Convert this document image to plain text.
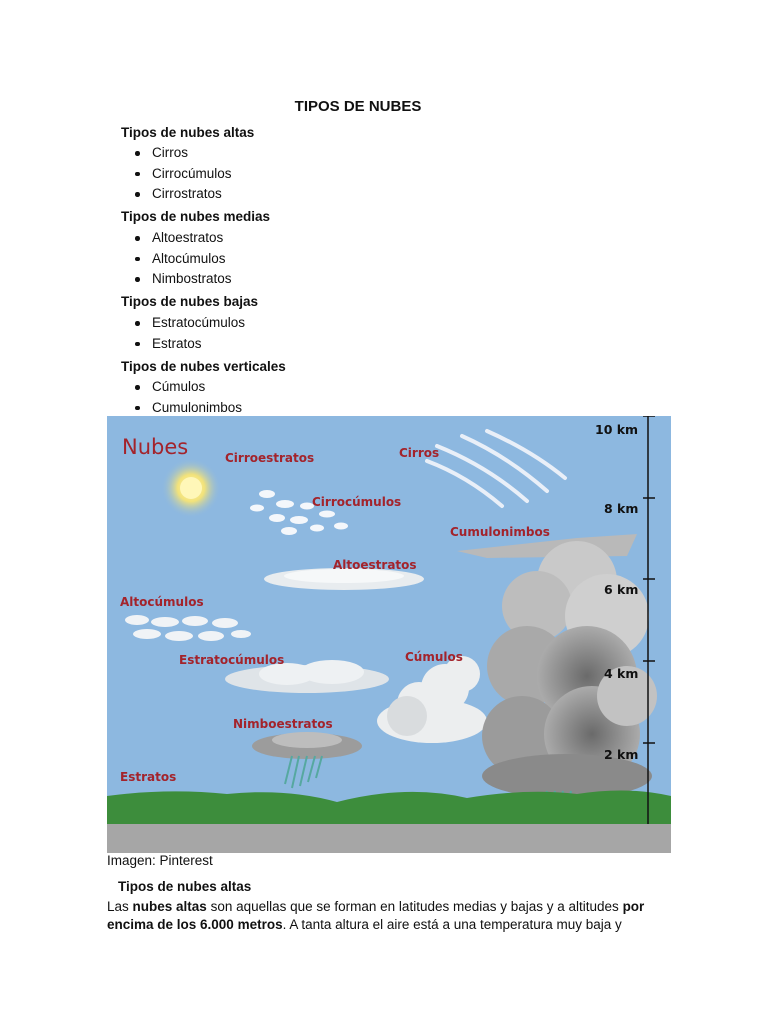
TIPOS DE NUBES
Tipos de nubes altas
Cirros
Cirrocúmulos
Cirrostratos
Tipos de nubes medias
Altoestratos
Altocúmulos
Nimbostratos
Tipos de nubes bajas
Estratocúmulos
Estratos
Tipos de nubes verticales
Cúmulos
Cumulonimbos
Nubes	Cirroestratos	Cirros
Cirrocúmulos
Cumulonimbos
Altoestratos
Altocúmulos
Estratocúmulos	Cúmulos
Nimboestratos
Estratos
10 km
8 km
6 km
4 km
2 km
Imagen: Pinterest
Tipos de nubes altas
Las nubes altas son aquellas que se forman en latitudes medias y bajas y a altitudes por encima de los 6.000 metros. A tanta altura el aire está a una temperatura muy baja y
